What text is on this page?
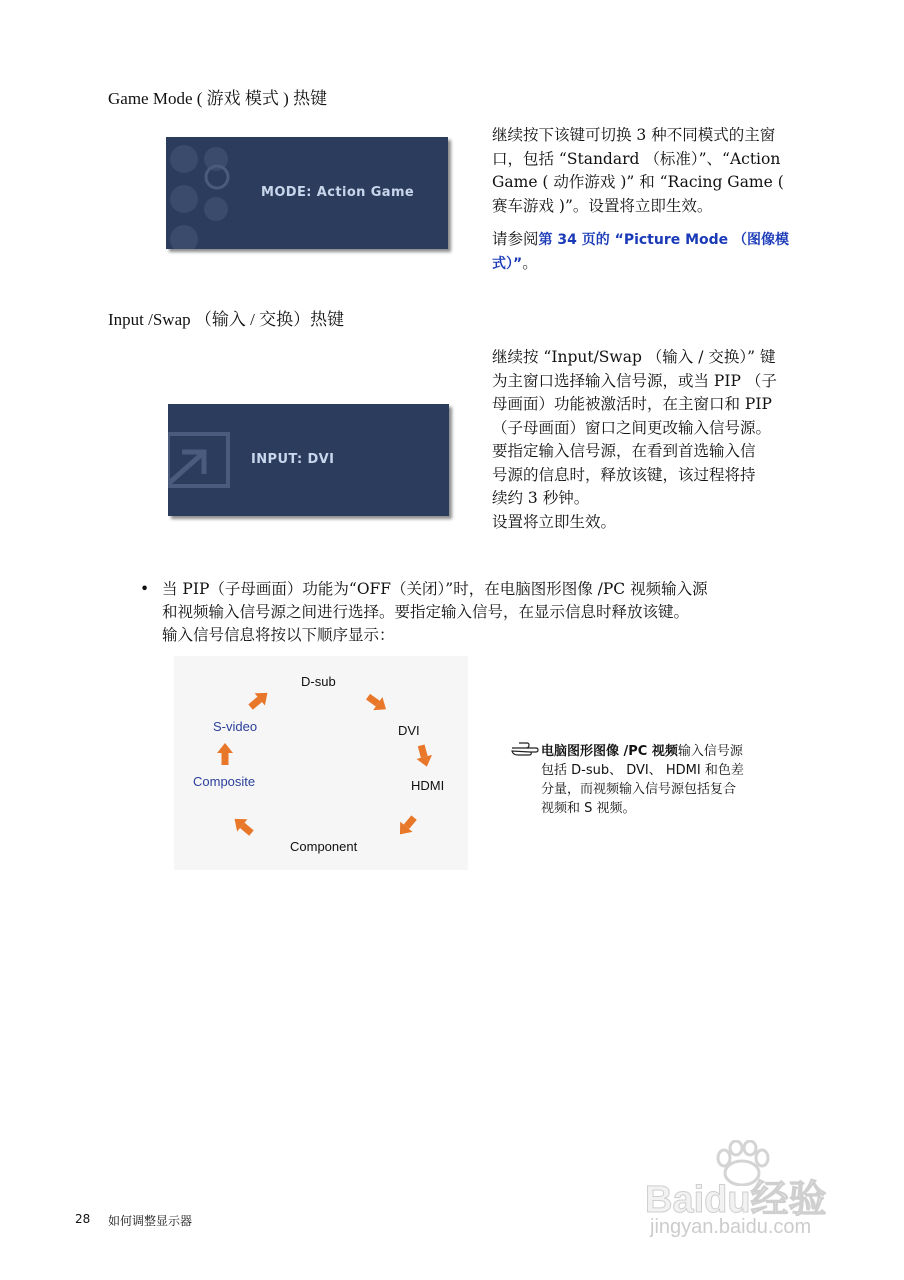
Game Mode ( 游戏 模式 ) 热键
MODE: Action Game

继续按下该键可切换 3 种不同模式的主窗

口，包括 “Standard （标准）”、“Action

Game ( 动作游戏 )” 和 “Racing Game (

赛车游戏 )”。设置将立即生效。

请参阅第 34 页的 “Picture Mode （图像模
式）”。
Input /Swap （输入 / 交换）热键
INPUT: DVI

继续按 “Input/Swap （输入 / 交换）” 键

为主窗口选择输入信号源，或当 PIP （子

母画面）功能被激活时，在主窗口和 PIP

（子母画面）窗口之间更改输入信号源。

要指定输入信号源，在看到首选输入信

号源的信息时，释放该键，该过程将持

续约 3 秒钟。

设置将立即生效。

• 当 PIP（子母画面）功能为“OFF（关闭）”时，在电脑图形图像 /PC 视频输入源
和视频输入信号源之间进行选择。要指定输入信号，在显示信息时释放该键。
输入信号信息将按以下顺序显示：
D-sub
DVI
HDMI
Component
Composite
S-video
电脑图形图像 /PC 视频输入信号源
包括 D-sub、 DVI、 HDMI 和色差
分量，而视频输入信号源包括复合
视频和 S 视频。
28 如何调整显示器	Baidu经验
jingyan.baidu.com
